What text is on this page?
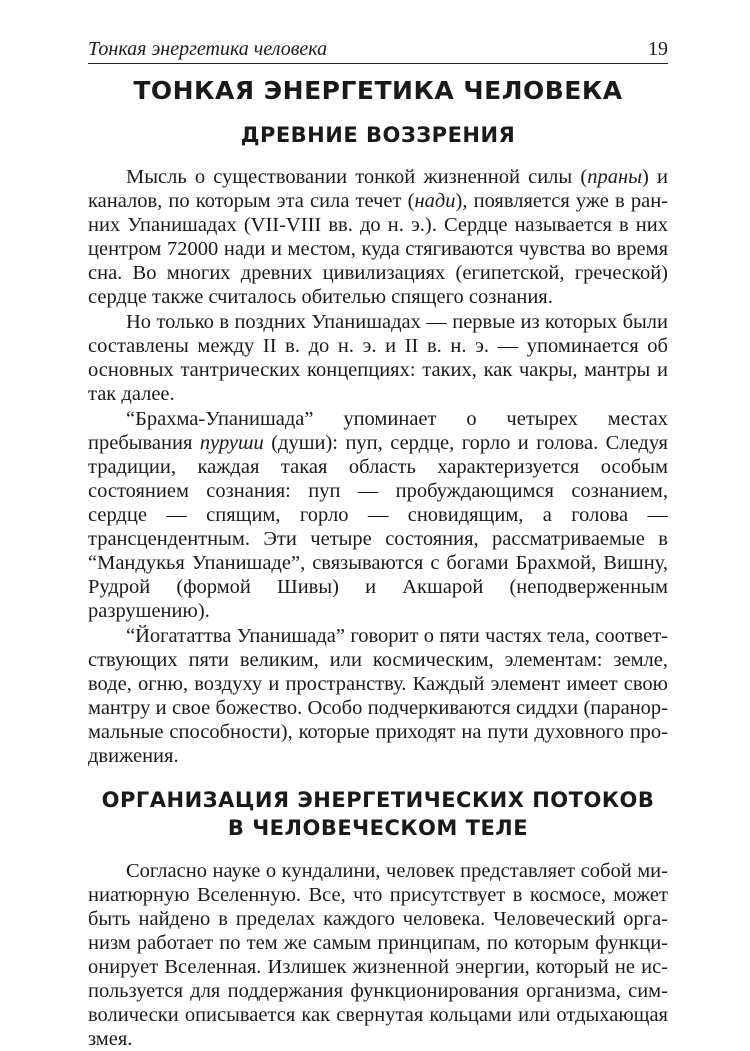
Тонкая энергетика человека	19
ТОНКАЯ ЭНЕРГЕТИКА ЧЕЛОВЕКА
ДРЕВНИЕ ВОЗЗРЕНИЯ

Мысль о существовании тонкой жизненной силы (праны) и каналов, по которым эта сила течет (нади), появляется уже в ранних Упанишадах (VII-VIII вв. до н. э.). Сердце называется в них центром 72000 нади и местом, куда стягиваются чувства во время сна. Во многих древних цивилизациях (египетской, греческой) сердце также считалось обителью спящего сознания.

Но только в поздних Упанишадах — первые из которых были составлены между II в. до н. э. и II в. н. э. — упоминается об основных тантрических концепциях: таких, как чакры, мантры и так далее.

“Брахма-Упанишада” упоминает о четырех местах пребывания пуруши (души): пуп, сердце, горло и голова. Следуя традиции, каждая такая область характеризуется особым состоянием сознания: пуп — пробуждающимся сознанием, сердце — спящим, горло — сновидящим, а голова — трансцендентным. Эти четыре состояния, рассматриваемые в “Мандукья Упанишаде”, связываются с богами Брахмой, Вишну, Рудрой (формой Шивы) и Акшарой (неподверженным разрушению).

“Йогататтва Упанишада” говорит о пяти частях тела, соответствующих пяти великим, или космическим, элементам: земле, воде, огню, воздуху и пространству. Каждый элемент имеет свою мантру и свое божество. Особо подчеркиваются сиддхи (паранормальные способности), которые приходят на пути духовного продвижения.

ОРГАНИЗАЦИЯ ЭНЕРГЕТИЧЕСКИХ ПОТОКОВ
В ЧЕЛОВЕЧЕСКОМ ТЕЛЕ

Согласно науке о кундалини, человек представляет собой миниатюрную Вселенную. Все, что присутствует в космосе, может быть найдено в пределах каждого человека. Человеческий организм работает по тем же самым принципам, по которым функционирует Вселенная. Излишек жизненной энергии, который не используется для поддержания функционирования организма, символически описывается как свернутая кольцами или отдыхающая змея.
